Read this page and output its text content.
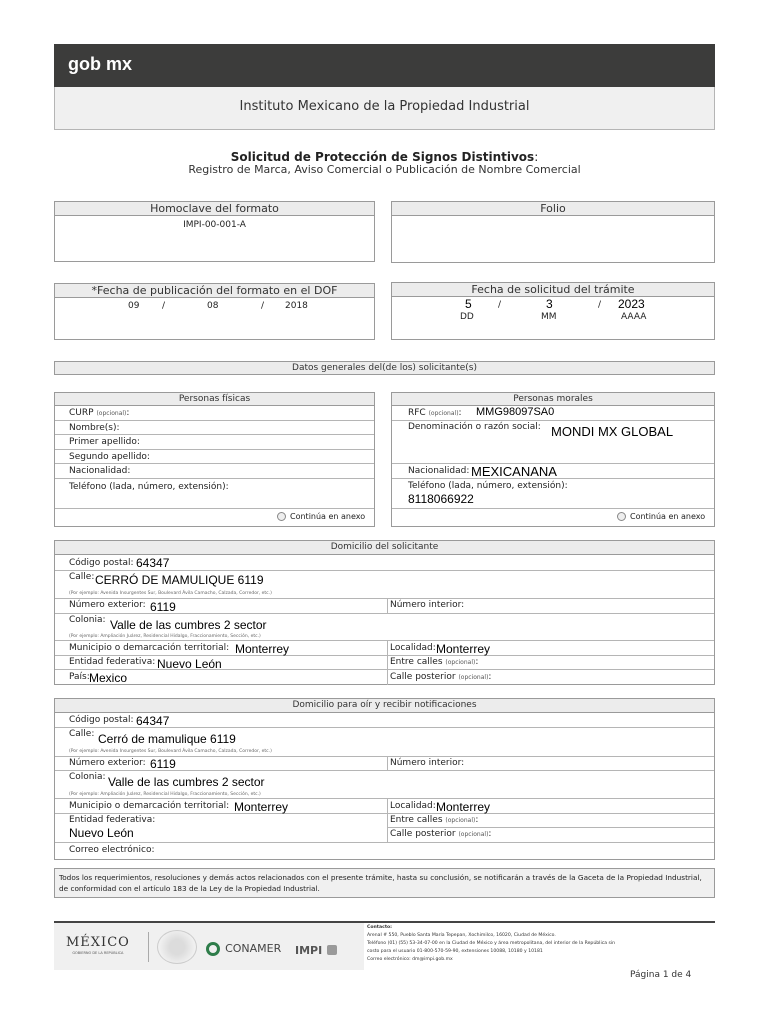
gob mx
Instituto Mexicano de la Propiedad Industrial
Solicitud de Protección de Signos Distintivos:
Registro de Marca, Aviso Comercial o Publicación de Nombre Comercial
Homoclave del formato
IMPI-00-001-A
Folio
*Fecha de publicación del formato en el DOF
09	/	08	/ 2018
Fecha de solicitud del trámite
5	/	3	/ 2023
DD	MM	AAAA
Datos generales del(de los) solicitante(s)
Personas físicas
CURP (opcional):
Nombre(s):
Primer apellido:
Segundo apellido:
Nacionalidad:
Teléfono (lada, número, extensión):
Continúa en anexo
Personas morales
RFC (opcional): MMG98097SA0
Denominación o razón social: MONDI MX GLOBAL
Nacionalidad: MEXICANANA
Teléfono (lada, número, extensión):
8118066922
Continúa en anexo
Domicilio del solicitante
Código postal: 64347
Calle: CERRÓ DE MAMULIQUE 6119
(Por ejemplo: Avenida Insurgentes Sur, Boulevard Ávila Camacho, Calzada, Corredor, etc.)
Número exterior: 6119	Número interior:
Colonia: Valle de las cumbres 2 sector
(Por ejemplo: Ampliación Juárez, Residencial Hidalgo, Fraccionamiento, Sección, etc.)
Municipio o demarcación territorial: Monterrey	Localidad: Monterrey
Entidad federativa: Nuevo León	Entre calles (opcional):
País: Mexico	Calle posterior (opcional):
Domicilio para oír y recibir notificaciones
Código postal: 64347
Calle: Cerró de mamulique 6119
(Por ejemplo: Avenida Insurgentes Sur, Boulevard Ávila Camacho, Calzada, Corredor, etc.)
Número exterior: 6119	Número interior:
Colonia: Valle de las cumbres 2 sector
(Por ejemplo: Ampliación Juárez, Residencial Hidalgo, Fraccionamiento, Sección, etc.)
Municipio o demarcación territorial: Monterrey	Localidad: Monterrey
Entidad federativa:
Nuevo León
Entre calles (opcional):
Calle posterior (opcional):
Correo electrónico:
Todos los requerimientos, resoluciones y demás actos relacionados con el presente trámite, hasta su conclusión, se notificarán a través de la Gaceta de la Propiedad Industrial, de conformidad con el artículo 183 de la Ley de la Propiedad Industrial.
MÉXICO
GOBIERNO DE LA REPÚBLICA	CONAMER IMPI
Contacto:
Arenal # 550, Pueblo Santa María Tepepan, Xochimilco, 16020, Ciudad de México.
Teléfono (01) (55) 53-34-07-00 en la Ciudad de México y área metropolitana, del interior de la República sin
costo para el usuario 01-800-570-59-90, extensiones 10088, 10180 y 10181
Correo electrónico: dm@impi.gob.mx
Página 1 de 4
